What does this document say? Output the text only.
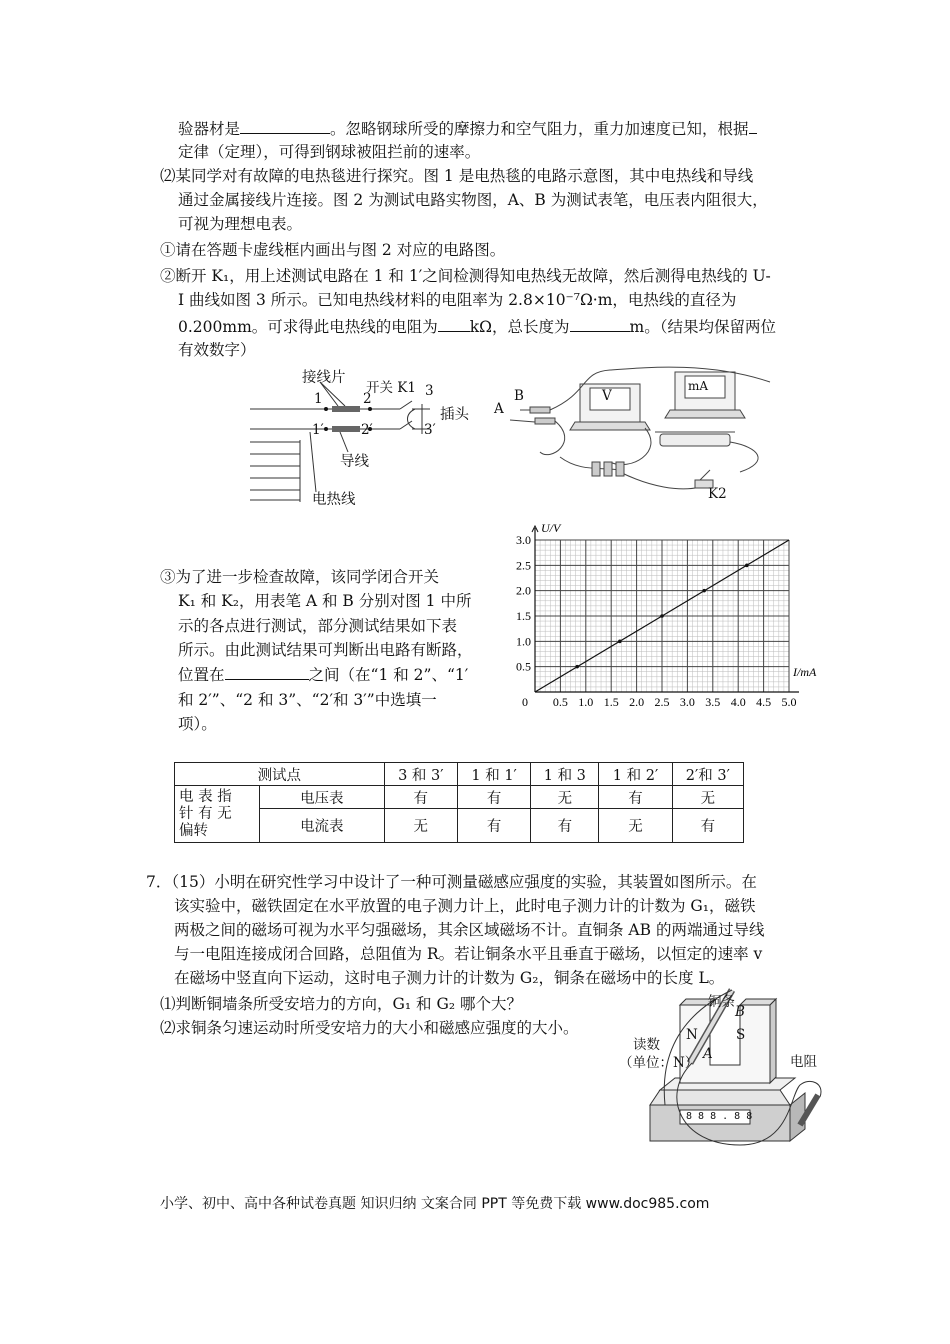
验器材是	。忽略钢球所受的摩擦力和空气阻力，重力加速度已知，根据
定律（定理），可得到钢球被阻拦前的速率。
⑵某同学对有故障的电热毯进行探究。图 1 是电热毯的电路示意图，其中电热线和导线
通过金属接线片连接。图 2 为测试电路实物图，A、B 为测试表笔，电压表内阻很大，
可视为理想电表。
①请在答题卡虚线框内画出与图 2 对应的电路图。
②断开 K₁，用上述测试电路在 1 和 1′之间检测得知电热线无故障，然后测得电热线的 U-
I 曲线如图 3 所示。已知电热线材料的电阻率为 2.8×10⁻⁷Ω·m，电热线的直径为
0.200mm。可求得此电热线的电阻为 kΩ，总长度为	m。（结果均保留两位
有效数字）
接线片
开关 K1
1	2	3
1′	2′	3′
插头
导线
电热线
B
A
V
mA
K2
③为了进一步检查故障，该同学闭合开关
K₁ 和 K₂，用表笔 A 和 B 分别对图 1 中所
示的各点进行测试，部分测试结果如下表
所示。由此测试结果可判断出电路有断路，
位置在	之间（在“1 和 2”、“1′
和 2′”、“2 和 3”、“2′和 3′”中选填一
项）。
0.5 1.0 1.5 2.0 2.5 3.0 3.5 4.0 4.5 5.0
0.5
1.0
1.5
2.0
2.5
3.0
0
I/mA
U/V
测试点		3 和 3′	1 和 1′	1 和 3	1 和 2′	2′和 3′

电 表 指
针 有 无
偏转	电压表	有	有	无	有	无
	电流表	无	有	有	无	有
7．（15）小明在研究性学习中设计了一种可测量磁感应强度的实验，其装置如图所示。在
该实验中，磁铁固定在水平放置的电子测力计上，此时电子测力计的计数为 G₁，磁铁
两极之间的磁场可视为水平匀强磁场，其余区域磁场不计。直铜条 AB 的两端通过导线
与一电阻连接成闭合回路，总阻值为 R。若让铜条水平且垂直于磁场，以恒定的速率 v
在磁场中竖直向下运动，这时电子测力计的计数为 G₂，铜条在磁场中的长度 L。
⑴判断铜墙条所受安培力的方向，G₁ 和 G₂ 哪个大？
⑵求铜条匀速运动时所受安培力的大小和磁感应强度的大小。
铜条
B
N	S
A
读数
（单位：N）	电阻
8 8 8 . 8 8
小学、初中、高中各种试卷真题 知识归纳 文案合同 PPT 等免费下载 www.doc985.com
